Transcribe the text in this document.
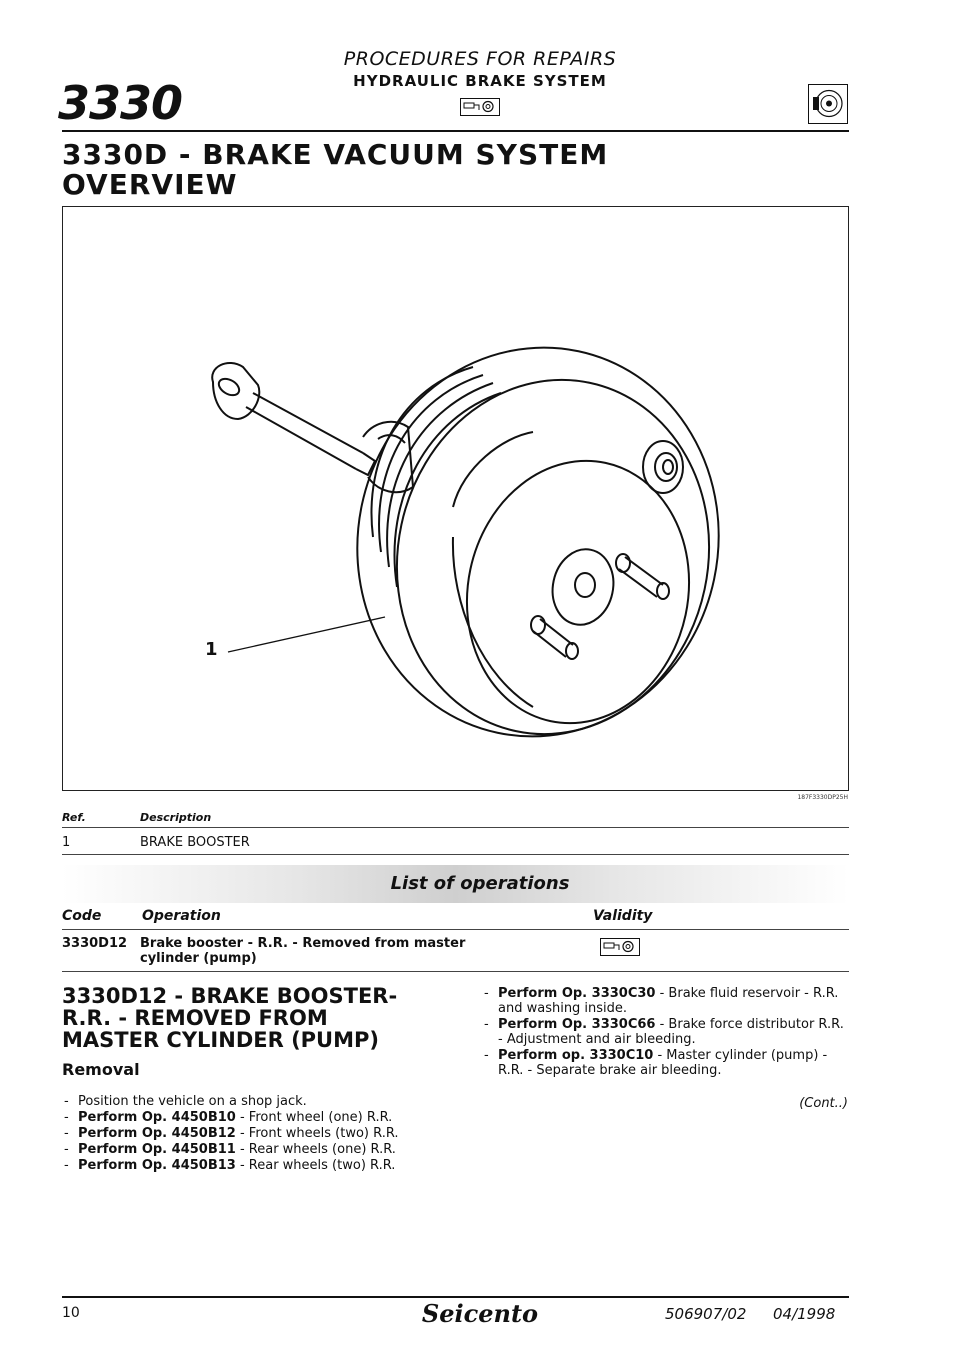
PROCEDURES FOR REPAIRS
HYDRAULIC BRAKE SYSTEM
3330
3330D - BRAKE VACUUM SYSTEM
OVERVIEW
1
187F3330DP25H
Ref.	Description
1	BRAKE BOOSTER
List of operations
Code	Operation	Validity
3330D12 Brake booster - R.R. - Removed from master
cylinder (pump)
3330D12 - BRAKE BOOSTER-
R.R. - REMOVED FROM
MASTER CYLINDER (PUMP)
Removal
- Position the vehicle on a shop jack.
- Perform Op. 4450B10 - Front wheel (one) R.R.
- Perform Op. 4450B12 - Front wheels (two) R.R.
- Perform Op. 4450B11 - Rear wheels (one) R.R.
- Perform Op. 4450B13 - Rear wheels (two) R.R.
- Perform Op. 3330C30 - Brake fluid reservoir - R.R. and washing inside.
- Perform Op. 3330C66 - Brake force distributor R.R. - Adjustment and air bleeding.
- Perform op. 3330C10 - Master cylinder (pump) - R.R. - Separate brake air bleeding.
(Cont..)
10	Seicento	506907/02 04/1998
